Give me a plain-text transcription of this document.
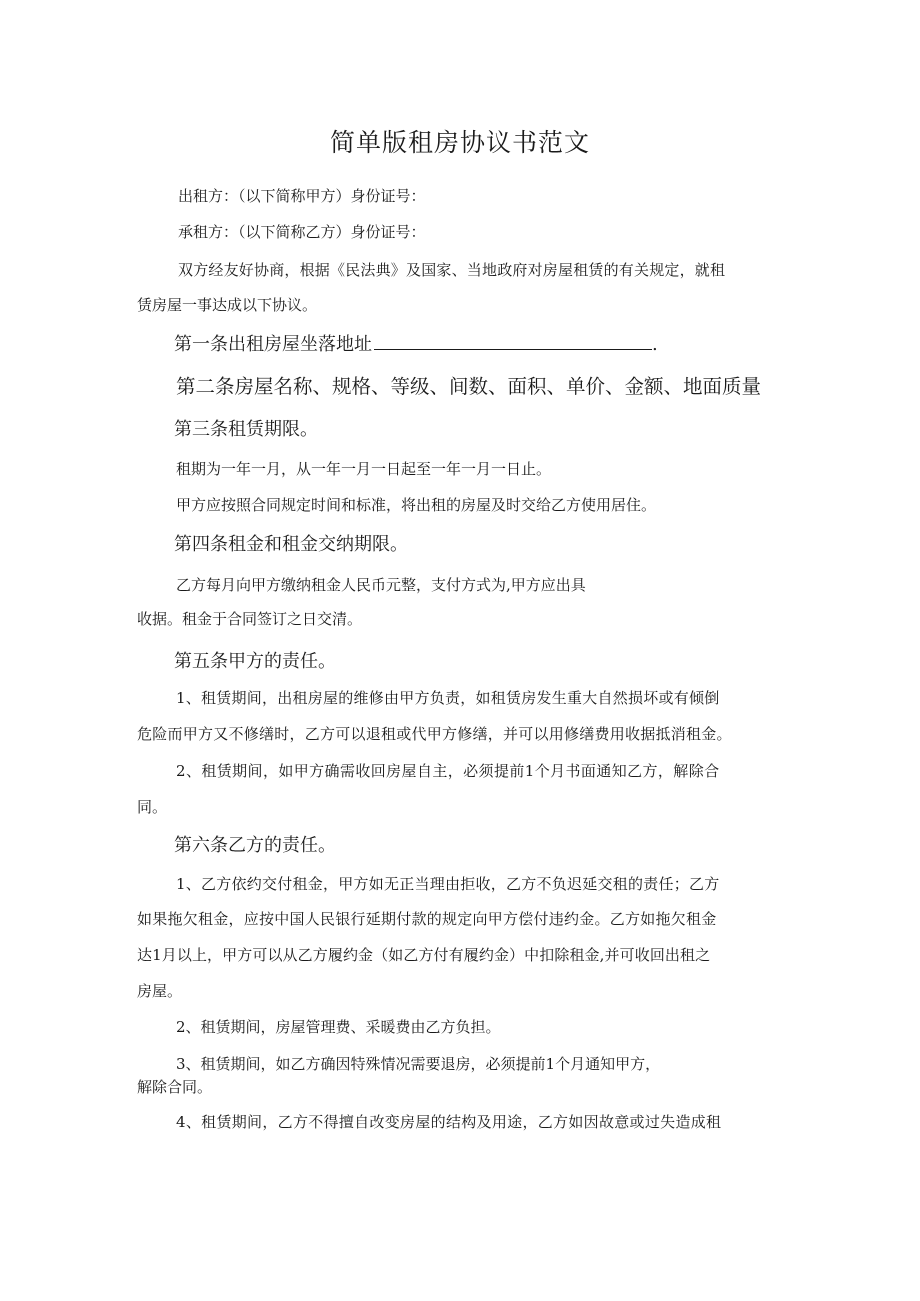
简单版租房协议书范文
出租方：（以下简称甲方）身份证号：
承租方：（以下简称乙方）身份证号：
双方经友好协商，根据《民法典》及国家、当地政府对房屋租赁的有关规定，就租
赁房屋一事达成以下协议。
第一条出租房屋坐落地址	.
第二条房屋名称、规格、等级、间数、面积、单价、金额、地面质量
第三条租赁期限。
租期为一年一月，从一年一月一日起至一年一月一日止。
甲方应按照合同规定时间和标准，将出租的房屋及时交给乙方使用居住。
第四条租金和租金交纳期限。
乙方每月向甲方缴纳租金人民币元整，支付方式为,甲方应出具
收据。租金于合同签订之日交清。
第五条甲方的责任。
1、租赁期间，出租房屋的维修由甲方负责，如租赁房发生重大自然损坏或有倾倒
危险而甲方又不修缮时，乙方可以退租或代甲方修缮，并可以用修缮费用收据抵消租金。
2、租赁期间，如甲方确需收回房屋自主，必须提前1个月书面通知乙方，解除合
同。
第六条乙方的责任。
1、乙方依约交付租金，甲方如无正当理由拒收，乙方不负迟延交租的责任；乙方
如果拖欠租金，应按中国人民银行延期付款的规定向甲方偿付违约金。乙方如拖欠租金
达1月以上，甲方可以从乙方履约金（如乙方付有履约金）中扣除租金,并可收回出租之
房屋。
2、租赁期间，房屋管理费、采暖费由乙方负担。
3、租赁期间，如乙方确因特殊情况需要退房，必须提前1个月通知甲方，
解除合同。
4、租赁期间，乙方不得擅自改变房屋的结构及用途，乙方如因故意或过失造成租
